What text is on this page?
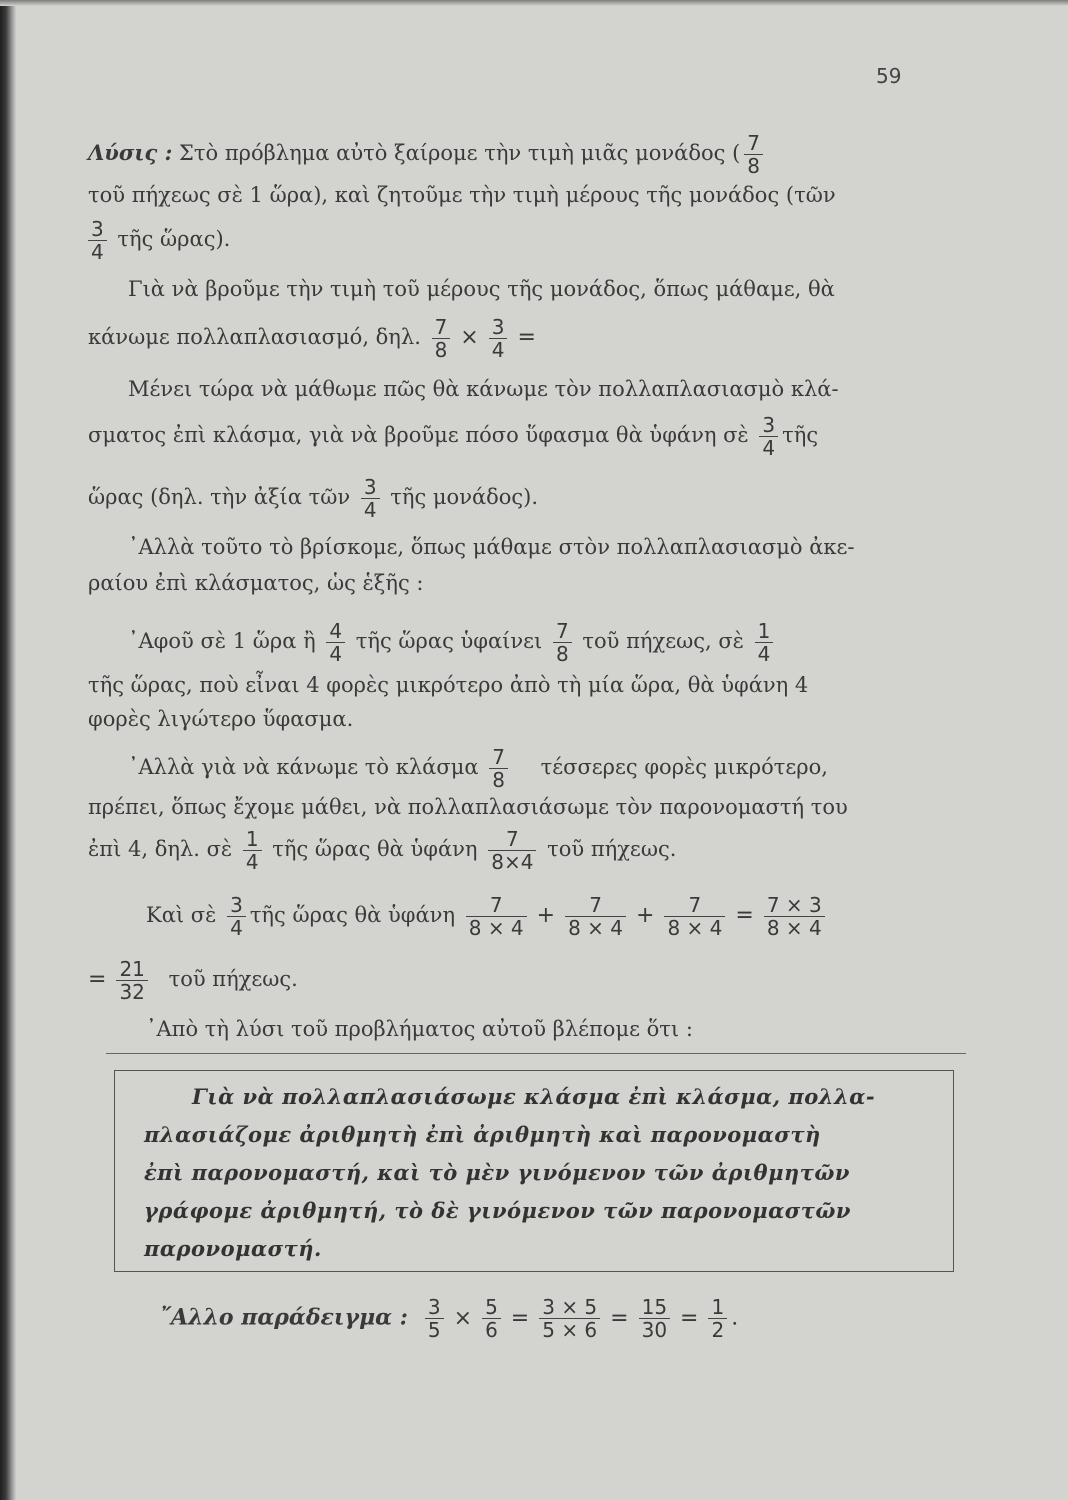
59
Λύσις : Στὸ πρόβλημα αὐτὸ ξαίρομε τὴν τιμὴ μιᾶς μονάδος ( $\frac{7}{8}$
τοῦ πήχεως σὲ 1 ὥρα), καὶ ζητοῦμε τὴν τιμὴ μέρους τῆς μονάδος (τῶν
$\frac{3}{4}$ τῆς ὥρας).
Γιὰ νὰ βροῦμε τὴν τιμὴ τοῦ μέρους τῆς μονάδος, ὅπως μάθαμε, θὰ
κάνωμε πολλαπλασιασμό, δηλ. $\frac{7}{8} \times \frac{3}{4}$ =
Μένει τώρα νὰ μάθωμε πῶς θὰ κάνωμε τὸν πολλαπλασιασμὸ κλά-
σματος ἐπὶ κλάσμα, γιὰ νὰ βροῦμε πόσο ὕφασμα θὰ ὑφάνη σὲ $\frac{3}{4}$ τῆς
ὥρας (δηλ. τὴν ἀξία τῶν $\frac{3}{4}$ τῆς μονάδος).
᾽Αλλὰ τοῦτο τὸ βρίσκομε, ὅπως μάθαμε στὸν πολλαπλασιασμὸ ἀκε-
ραίου ἐπὶ κλάσματος, ὡς ἑξῆς :
᾽Αφοῦ σὲ 1 ὥρα ἢ $\frac{4}{4}$ τῆς ὥρας ὑφαίνει $\frac{7}{8}$ τοῦ πήχεως, σὲ $\frac{1}{4}$
τῆς ὥρας, ποὺ εἶναι 4 φορὲς μικρότερο ἀπὸ τὴ μία ὥρα, θὰ ὑφάνη 4
φορὲς λιγώτερο ὕφασμα.
᾽Αλλὰ γιὰ νὰ κάνωμε τὸ κλάσμα $\frac{7}{8}$ τέσσερες φορὲς μικρότερο,
πρέπει, ὅπως ἔχομε μάθει, νὰ πολλαπλασιάσωμε τὸν παρονομαστή του
ἐπὶ 4, δηλ. σὲ $\frac{1}{4}$ τῆς ὥρας θὰ ὑφάνη $\frac{7}{8\times 4}$ τοῦ πήχεως.
Καὶ σὲ $\frac{3}{4}$ τῆς ὥρας θὰ ὑφάνη $\frac{7}{8 \times 4} + \frac{7}{8 \times 4} + \frac{7}{8 \times 4} = \frac{7 \times 3}{8 \times 4}$
= $\frac{21}{32}$ τοῦ πήχεως.
᾽Απὸ τὴ λύσι τοῦ προβλήματος αὐτοῦ βλέπομε ὅτι :
Γιὰ νὰ πολλαπλασιάσωμε κλάσμα ἐπὶ κλάσμα, πολλα-
πλασιάζομε ἀριθμητὴ ἐπὶ ἀριθμητὴ καὶ παρονομαστὴ
ἐπὶ παρονομαστή, καὶ τὸ μὲν γινόμενον τῶν ἀριθμητῶν
γράφομε ἀριθμητή, τὸ δὲ γινόμενον τῶν παρονομαστῶν
παρονομαστή.
῎Αλλο παράδειγμα : $\frac{3}{5} \times \frac{5}{6} = \frac{3 \times 5}{5 \times 6} = \frac{15}{30} = \frac{1}{2}$ .
